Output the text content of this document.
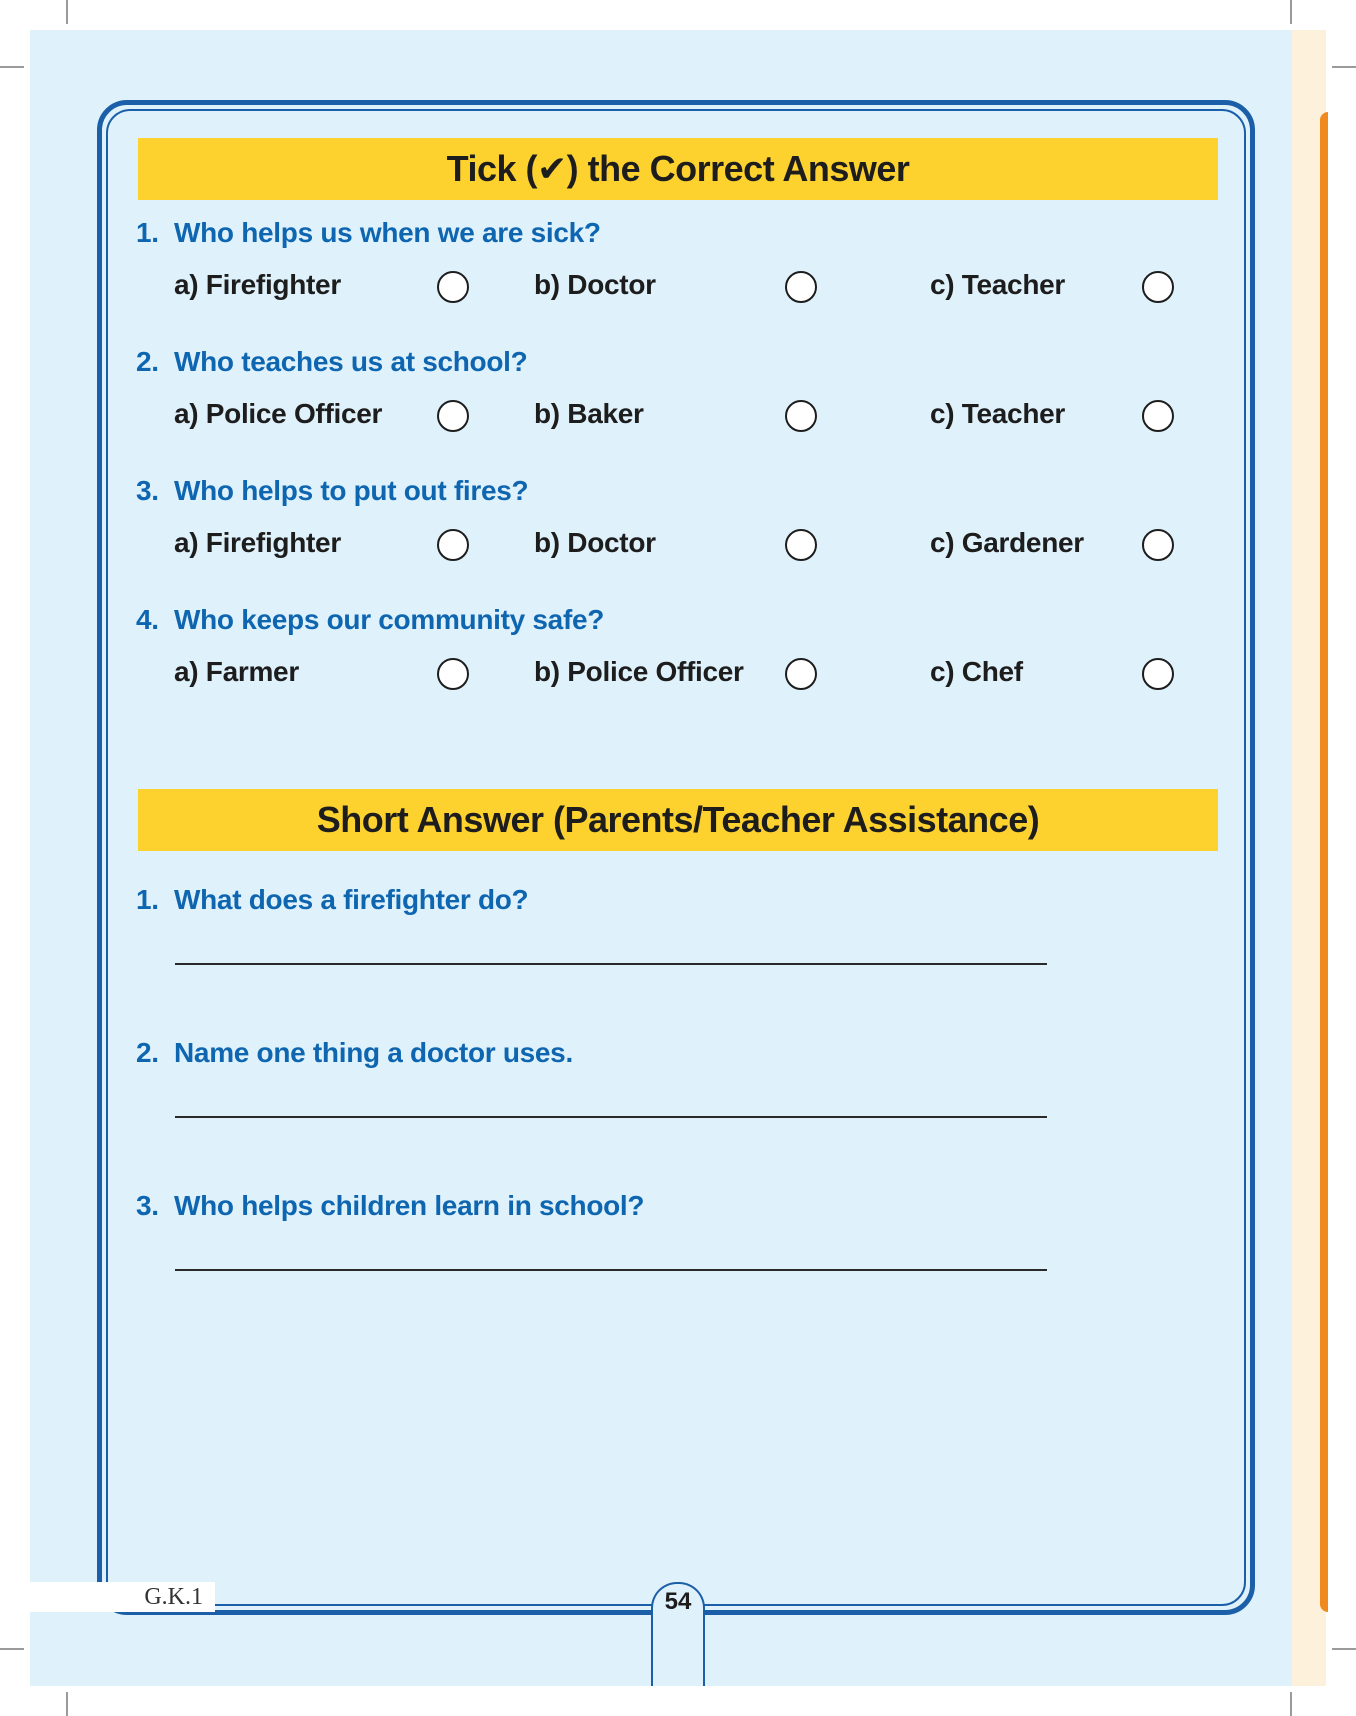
Tick (✔) the Correct Answer
1. Who helps us when we are sick?
a) Firefighter	b) Doctor	c) Teacher
2. Who teaches us at school?
a) Police Officer	b) Baker	c) Teacher
3. Who helps to put out fires?
a) Firefighter	b) Doctor	c) Gardener
4. Who keeps our community safe?
a) Farmer	b) Police Officer	c) Chef
Short Answer (Parents/Teacher Assistance)
1. What does a firefighter do?
2. Name one thing a doctor uses.
3. Who helps children learn in school?
G.K.1	54
